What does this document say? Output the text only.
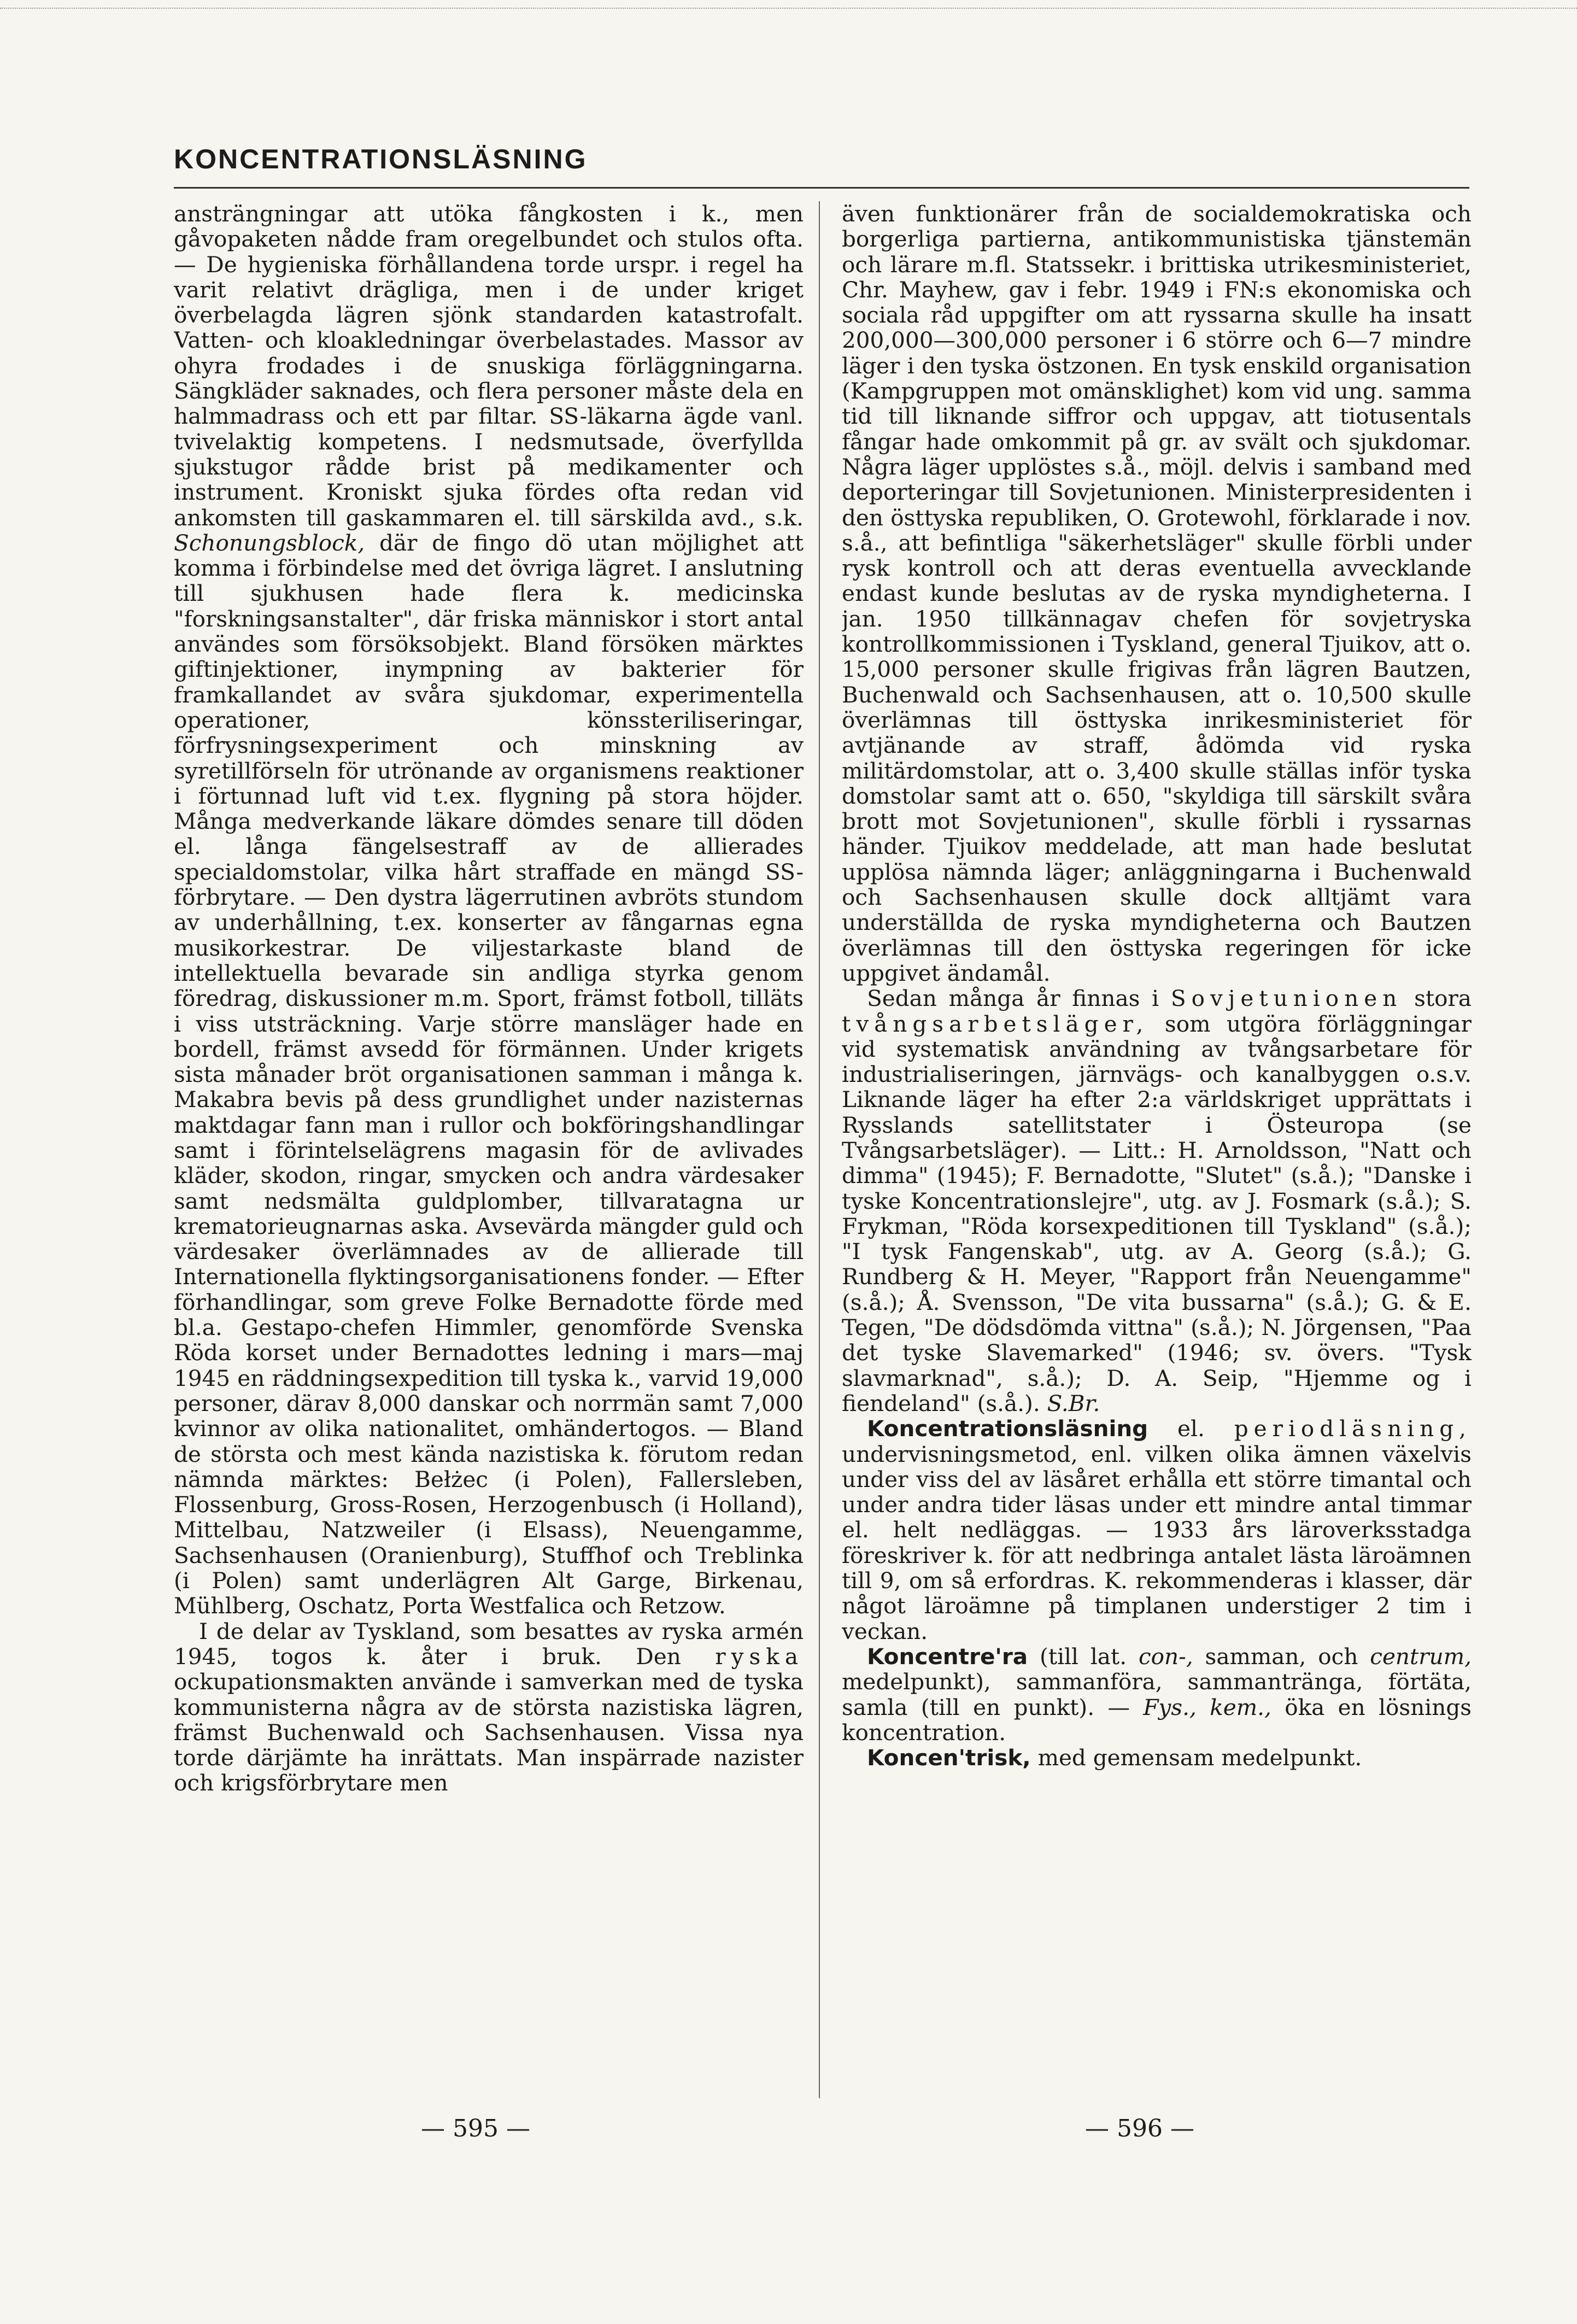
KONCENTRATIONSLÄSNING

ansträngningar att utöka fångkosten i k., men gåvopaketen nådde fram oregelbundet och stulos ofta. — De hygieniska förhållandena torde urspr. i regel ha varit relativt drägliga, men i de under kriget överbelagda lägren sjönk standarden katastrofalt. Vatten- och kloakledningar överbelastades. Massor av ohyra frodades i de snuskiga förläggningarna. Sängkläder saknades, och flera personer måste dela en halmmadrass och ett par filtar. SS-läkarna ägde vanl. tvivelaktig kompetens. I nedsmutsade, överfyllda sjukstugor rådde brist på medikamenter och instrument. Kroniskt sjuka fördes ofta redan vid ankomsten till gaskammaren el. till särskilda avd., s.k. Schonungsblock, där de fingo dö utan möjlighet att komma i förbindelse med det övriga lägret. I anslutning till sjukhusen hade flera k. medicinska "forskningsanstalter", där friska människor i stort antal användes som försöksobjekt. Bland försöken märktes giftinjektioner, inympning av bakterier för framkallandet av svåra sjukdomar, experimentella operationer, könssteriliseringar, förfrysningsexperiment och minskning av syretillförseln för utrönande av organismens reaktioner i förtunnad luft vid t.ex. flygning på stora höjder. Många medverkande läkare dömdes senare till döden el. långa fängelsestraff av de allierades specialdomstolar, vilka hårt straffade en mängd SS-förbrytare. — Den dystra lägerrutinen avbröts stundom av underhållning, t.ex. konserter av fångarnas egna musikorkestrar. De viljestarkaste bland de intellektuella bevarade sin andliga styrka genom föredrag, diskussioner m.m. Sport, främst fotboll, tilläts i viss utsträckning. Varje större mansläger hade en bordell, främst avsedd för förmännen. Under krigets sista månader bröt organisationen samman i många k. Makabra bevis på dess grundlighet under nazisternas maktdagar fann man i rullor och bokföringshandlingar samt i förintelselägrens magasin för de avlivades kläder, skodon, ringar, smycken och andra värdesaker samt nedsmälta guldplomber, tillvaratagna ur krematorieugnarnas aska. Avsevärda mängder guld och värdesaker överlämnades av de allierade till Internationella flyktingsorganisationens fonder. — Efter förhandlingar, som greve Folke Bernadotte förde med bl.a. Gestapo-chefen Himmler, genomförde Svenska Röda korset under Bernadottes ledning i mars—maj 1945 en räddningsexpedition till tyska k., varvid 19,000 personer, därav 8,000 danskar och norrmän samt 7,000 kvinnor av olika nationalitet, omhändertogos. — Bland de största och mest kända nazistiska k. förutom redan nämnda märktes: Bełżec (i Polen), Fallersleben, Flossenburg, Gross-Rosen, Herzogenbusch (i Holland), Mittelbau, Natzweiler (i Elsass), Neuengamme, Sachsenhausen (Oranienburg), Stuffhof och Treblinka (i Polen) samt underlägren Alt Garge, Birkenau, Mühlberg, Oschatz, Porta Westfalica och Retzow.

I de delar av Tyskland, som besattes av ryska armén 1945, togos k. åter i bruk. Den ryska ockupationsmakten använde i samverkan med de tyska kommunisterna några av de största nazistiska lägren, främst Buchenwald och Sachsenhausen. Vissa nya torde därjämte ha inrättats. Man inspärrade nazister och krigsförbrytare men

även funktionärer från de socialdemokratiska och borgerliga partierna, antikommunistiska tjänstemän och lärare m.fl. Statssekr. i brittiska utrikesministeriet, Chr. Mayhew, gav i febr. 1949 i FN:s ekonomiska och sociala råd uppgifter om att ryssarna skulle ha insatt 200,000—300,000 personer i 6 större och 6—7 mindre läger i den tyska östzonen. En tysk enskild organisation (Kampgruppen mot omänsklighet) kom vid ung. samma tid till liknande siffror och uppgav, att tiotusentals fångar hade omkommit på gr. av svält och sjukdomar. Några läger upplöstes s.å., möjl. delvis i samband med deporteringar till Sovjetunionen. Ministerpresidenten i den östtyska republiken, O. Grotewohl, förklarade i nov. s.å., att befintliga "säkerhetsläger" skulle förbli under rysk kontroll och att deras eventuella avvecklande endast kunde beslutas av de ryska myndigheterna. I jan. 1950 tillkännagav chefen för sovjetryska kontrollkommissionen i Tyskland, general Tjuikov, att o. 15,000 personer skulle frigivas från lägren Bautzen, Buchenwald och Sachsenhausen, att o. 10,500 skulle överlämnas till östtyska inrikesministeriet för avtjänande av straff, ådömda vid ryska militärdomstolar, att o. 3,400 skulle ställas inför tyska domstolar samt att o. 650, "skyldiga till särskilt svåra brott mot Sovjetunionen", skulle förbli i ryssarnas händer. Tjuikov meddelade, att man hade beslutat upplösa nämnda läger; anläggningarna i Buchenwald och Sachsenhausen skulle dock alltjämt vara underställda de ryska myndigheterna och Bautzen överlämnas till den östtyska regeringen för icke uppgivet ändamål.

Sedan många år finnas i Sovjetunionen stora tvångsarbetsläger, som utgöra förläggningar vid systematisk användning av tvångsarbetare för industrialiseringen, järnvägs- och kanalbyggen o.s.v. Liknande läger ha efter 2:a världskriget upprättats i Rysslands satellitstater i Östeuropa (se Tvångsarbetsläger). — Litt.: H. Arnoldsson, "Natt och dimma" (1945); F. Bernadotte, "Slutet" (s.å.); "Danske i tyske Koncentrationslejre", utg. av J. Fosmark (s.å.); S. Frykman, "Röda korsexpeditionen till Tyskland" (s.å.); "I tysk Fangenskab", utg. av A. Georg (s.å.); G. Rundberg & H. Meyer, "Rapport från Neuengamme" (s.å.); Å. Svensson, "De vita bussarna" (s.å.); G. & E. Tegen, "De dödsdömda vittna" (s.å.); N. Jörgensen, "Paa det tyske Slavemarked" (1946; sv. övers. "Tysk slavmarknad", s.å.); D. A. Seip, "Hjemme og i fiendeland" (s.å.). S.Br.

Koncentrationsläsning el. periodläsning, undervisningsmetod, enl. vilken olika ämnen växelvis under viss del av läsåret erhålla ett större timantal och under andra tider läsas under ett mindre antal timmar el. helt nedläggas. — 1933 års läroverksstadga föreskriver k. för att nedbringa antalet lästa läroämnen till 9, om så erfordras. K. rekommenderas i klasser, där något läroämne på timplanen understiger 2 tim i veckan.

Koncentre'ra (till lat. con-, samman, och centrum, medelpunkt), sammanföra, sammantränga, förtäta, samla (till en punkt). — Fys., kem., öka en lösnings koncentration.

Koncen'trisk, med gemensam medelpunkt.

— 595 —	— 596 —
